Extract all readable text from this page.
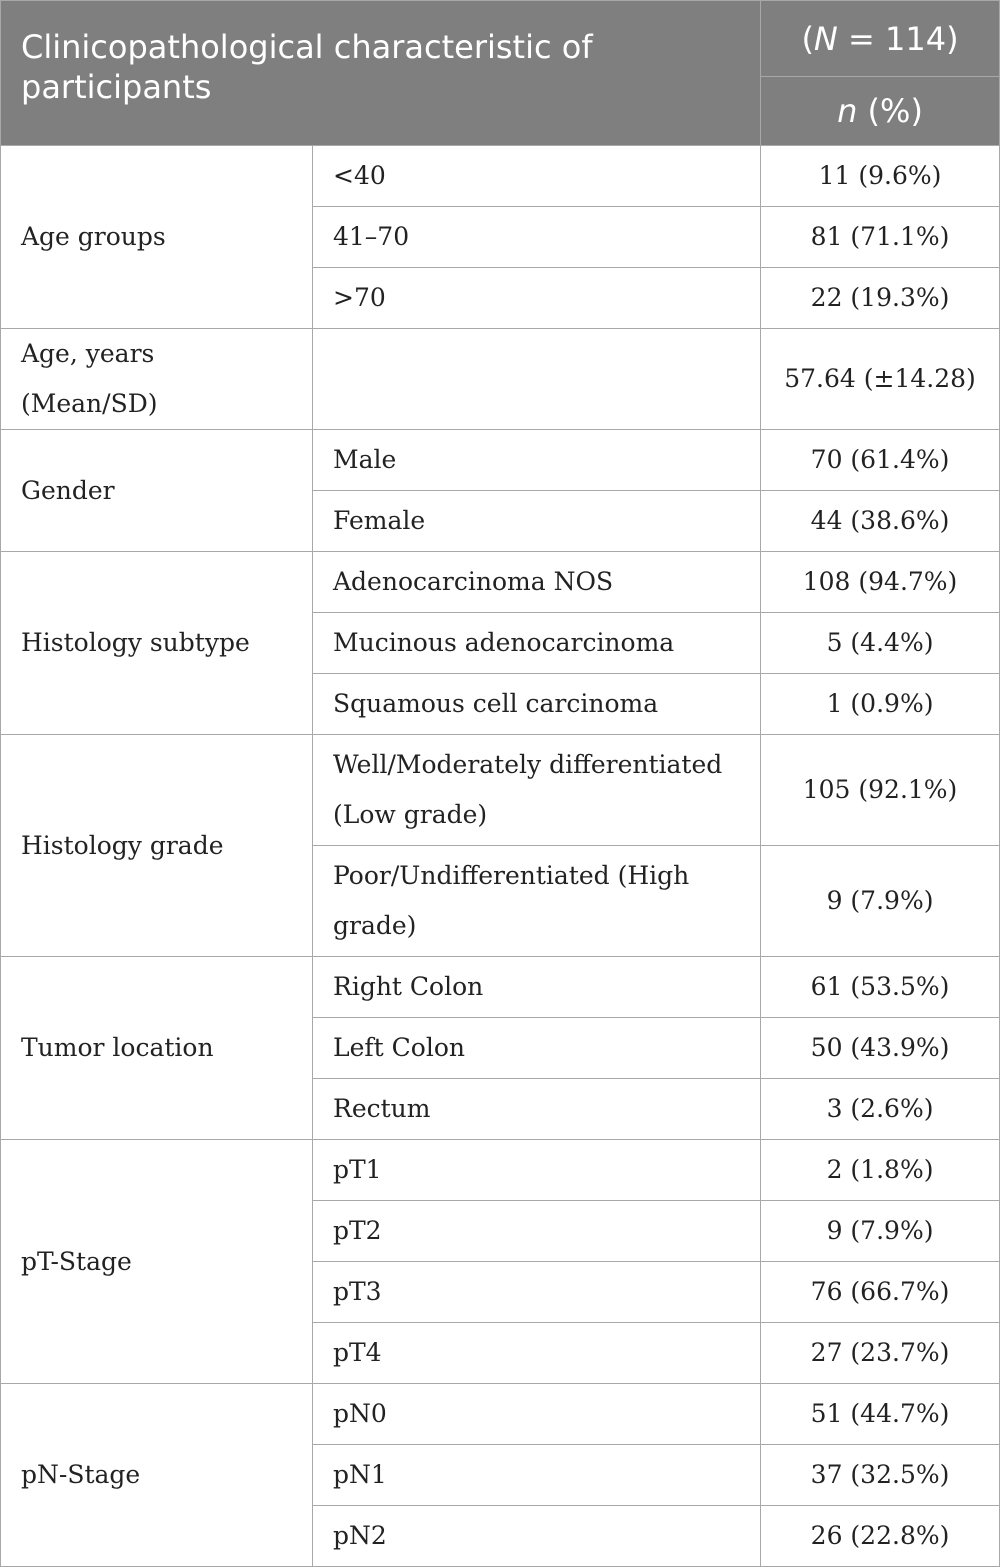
Clinicopathological characteristic of participants		(N = 114)
		n (%)
Age groups	<40	11 (9.6%)
	41–70	81 (71.1%)
	>70	22 (19.3%)
Age, years (Mean/SD)		57.64 (±14.28)
Gender	Male	70 (61.4%)
	Female	44 (38.6%)
Histology subtype	Adenocarcinoma NOS	108 (94.7%)
	Mucinous adenocarcinoma	5 (4.4%)
	Squamous cell carcinoma	1 (0.9%)
Histology grade	Well/Moderately differentiated (Low grade)	105 (92.1%)
	Poor/Undifferentiated (High grade)	9 (7.9%)
Tumor location	Right Colon	61 (53.5%)
	Left Colon	50 (43.9%)
	Rectum	3 (2.6%)
pT-Stage	pT1	2 (1.8%)
	pT2	9 (7.9%)
	pT3	76 (66.7%)
	pT4	27 (23.7%)
pN-Stage	pN0	51 (44.7%)
	pN1	37 (32.5%)
	pN2	26 (22.8%)
